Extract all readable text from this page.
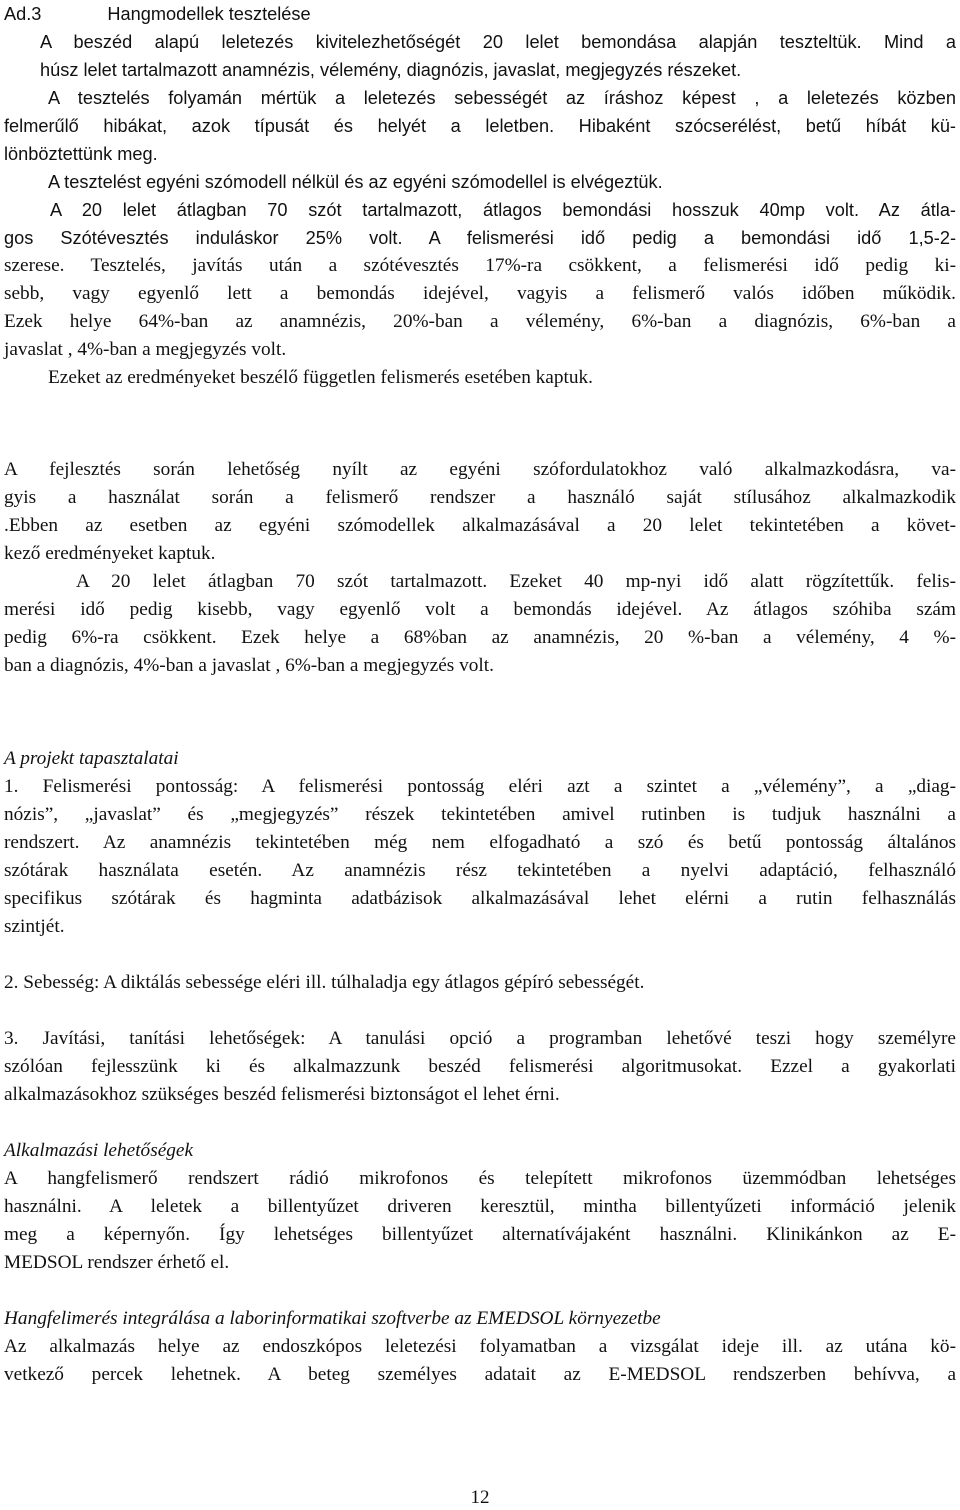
Ad.3	Hangmodellek tesztelése
A beszéd alapú leletezés kivitelezhetőségét 20 lelet bemondása alapján teszteltük. Mind a
húsz lelet tartalmazott anamnézis, vélemény, diagnózis, javaslat, megjegyzés részeket.
A tesztelés folyamán mértük a leletezés sebességét az íráshoz képest , a leletezés közben
felmerűlő hibákat, azok típusát és helyét a leletben. Hibaként szócserélést, betű híbát kü-
lönböztettünk meg.
A tesztelést egyéni szómodell nélkül és az egyéni szómodellel is elvégeztük.
A 20 lelet átlagban 70 szót tartalmazott, átlagos bemondási hosszuk 40mp volt. Az átla-
gos Szótévesztés induláskor 25% volt. A felismerési idő pedig a bemondási idő 1,5-2-
szerese. Tesztelés, javítás után a szótévesztés 17%-ra csökkent, a felismerési idő pedig ki-
sebb, vagy egyenlő lett a bemondás idejével, vagyis a felismerő valós időben működik.
Ezek helye 64%-ban az anamnézis, 20%-ban a vélemény, 6%-ban a diagnózis, 6%-ban a
javaslat , 4%-ban a megjegyzés volt.
Ezeket az eredményeket beszélő független felismerés esetében kaptuk.
A fejlesztés során lehetőség nyílt az egyéni szófordulatokhoz való alkalmazkodásra, va-
gyis a használat során a felismerő rendszer a használó saját stílusához alkalmazkodik
.Ebben az esetben az egyéni szómodellek alkalmazásával a 20 lelet tekintetében a követ-
kező eredményeket kaptuk.
A 20 lelet átlagban 70 szót tartalmazott. Ezeket 40 mp-nyi idő alatt rögzítettűk. felis-
merési idő pedig kisebb, vagy egyenlő volt a bemondás idejével. Az átlagos szóhiba szám
pedig 6%-ra csökkent. Ezek helye a 68%ban az anamnézis, 20 %-ban a vélemény, 4 %-
ban a diagnózis, 4%-ban a javaslat , 6%-ban a megjegyzés volt.
A projekt tapasztalatai
1. Felismerési pontosság: A felismerési pontosság eléri azt a szintet a „vélemény”, a „diag-
nózis”, „javaslat” és „megjegyzés” részek tekintetében amivel rutinben is tudjuk használni a
rendszert. Az anamnézis tekintetében még nem elfogadható a szó és betű pontosság általános
szótárak használata esetén. Az anamnézis rész tekintetében a nyelvi adaptáció, felhasználó
specifikus szótárak és hagminta adatbázisok alkalmazásával lehet elérni a rutin felhasználás
szintjét.
2. Sebesség: A diktálás sebessége eléri ill. túlhaladja egy átlagos gépíró sebességét.
3. Javítási, tanítási lehetőségek: A tanulási opció a programban lehetővé teszi hogy személyre
szólóan fejlesszünk ki és alkalmazzunk beszéd felismerési algoritmusokat. Ezzel a gyakorlati
alkalmazásokhoz szükséges beszéd felismerési biztonságot el lehet érni.
Alkalmazási lehetőségek
A hangfelismerő rendszert rádió mikrofonos és telepített mikrofonos üzemmódban lehetséges
használni. A leletek a billentyűzet driveren keresztül, mintha billentyűzeti információ jelenik
meg a képernyőn. Így lehetséges billentyűzet alternatívájaként használni. Klinikánkon az E-
MEDSOL rendszer érhető el.
Hangfelimerés integrálása a laborinformatikai szoftverbe az EMEDSOL környezetbe
Az alkalmazás helye az endoszkópos leletezési folyamatban a vizsgálat ideje ill. az utána kö-
vetkező percek lehetnek. A beteg személyes adatait az E-MEDSOL rendszerben behívva, a
12
